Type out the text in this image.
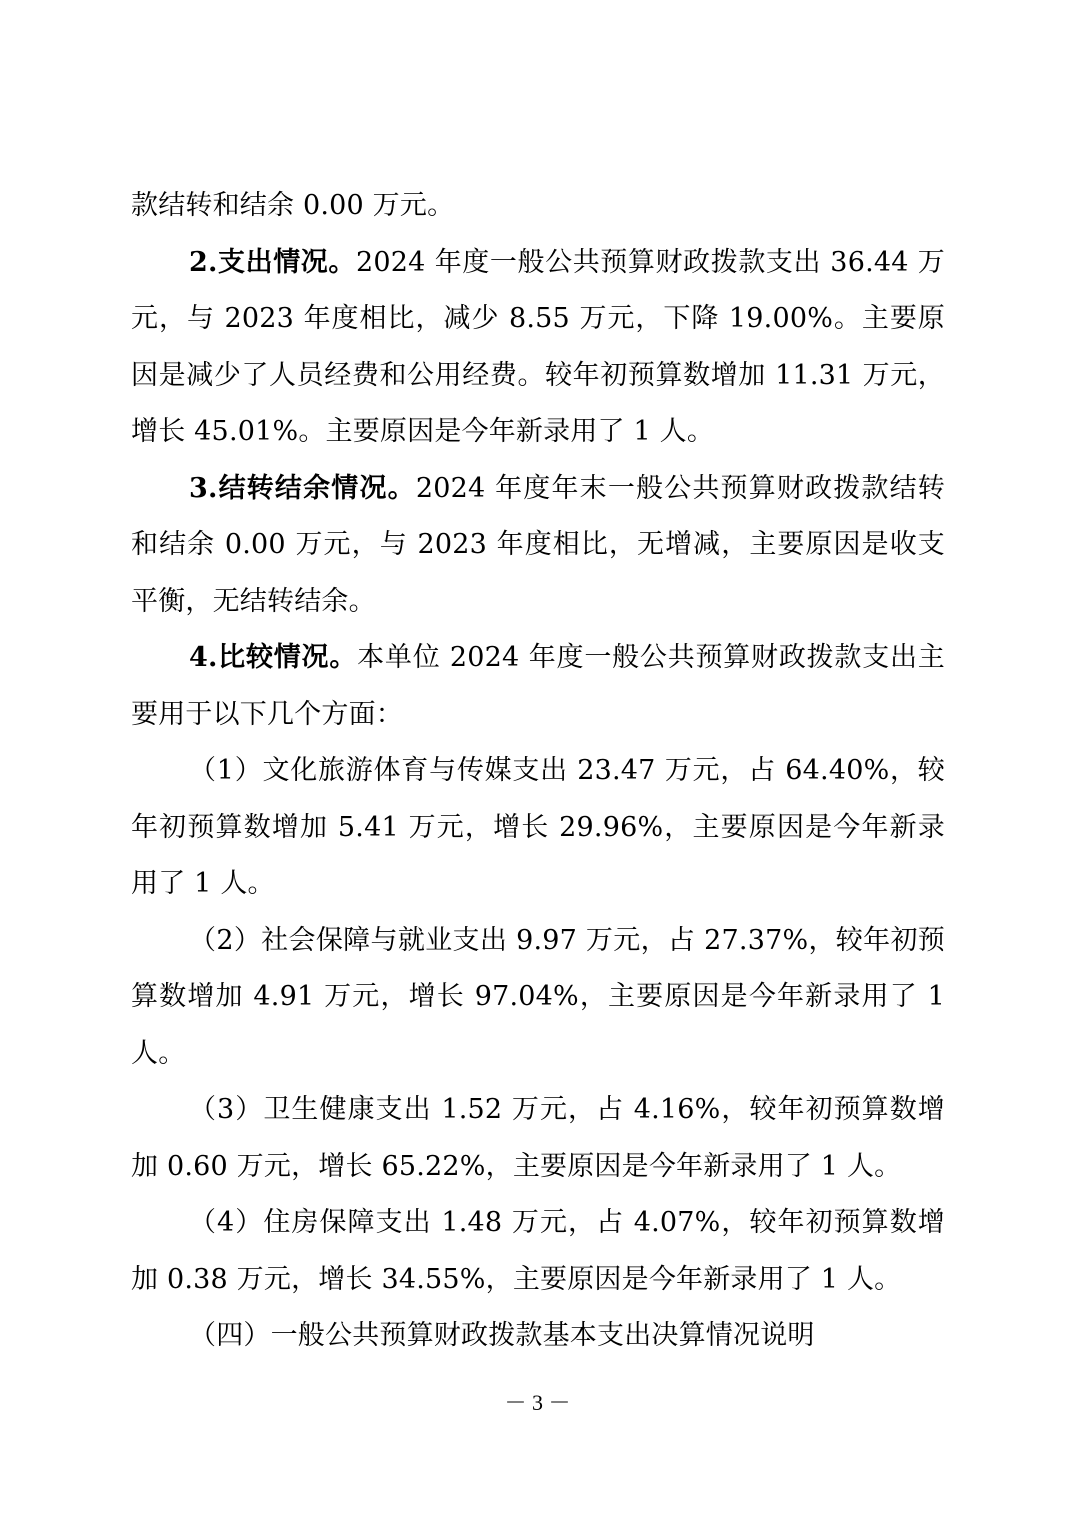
款结转和结余 0.00 万元。

2.支出情况。2024 年度一般公共预算财政拨款支出 36.44 万元，与 2023 年度相比，减少 8.55 万元，下降 19.00%。主要原因是减少了人员经费和公用经费。较年初预算数增加 11.31 万元，增长 45.01%。主要原因是今年新录用了 1 人。

3.结转结余情况。2024 年度年末一般公共预算财政拨款结转和结余 0.00 万元，与 2023 年度相比，无增减，主要原因是收支平衡，无结转结余。

4.比较情况。本单位 2024 年度一般公共预算财政拨款支出主要用于以下几个方面：

（1）文化旅游体育与传媒支出 23.47 万元，占 64.40%，较年初预算数增加 5.41 万元，增长 29.96%，主要原因是今年新录用了 1 人。

（2）社会保障与就业支出 9.97 万元，占 27.37%，较年初预算数增加 4.91 万元，增长 97.04%，主要原因是今年新录用了 1 人。

（3）卫生健康支出 1.52 万元，占 4.16%，较年初预算数增加 0.60 万元，增长 65.22%，主要原因是今年新录用了 1 人。

（4）住房保障支出 1.48 万元，占 4.07%，较年初预算数增加 0.38 万元，增长 34.55%，主要原因是今年新录用了 1 人。

（四）一般公共预算财政拨款基本支出决算情况说明

－ 3 －
